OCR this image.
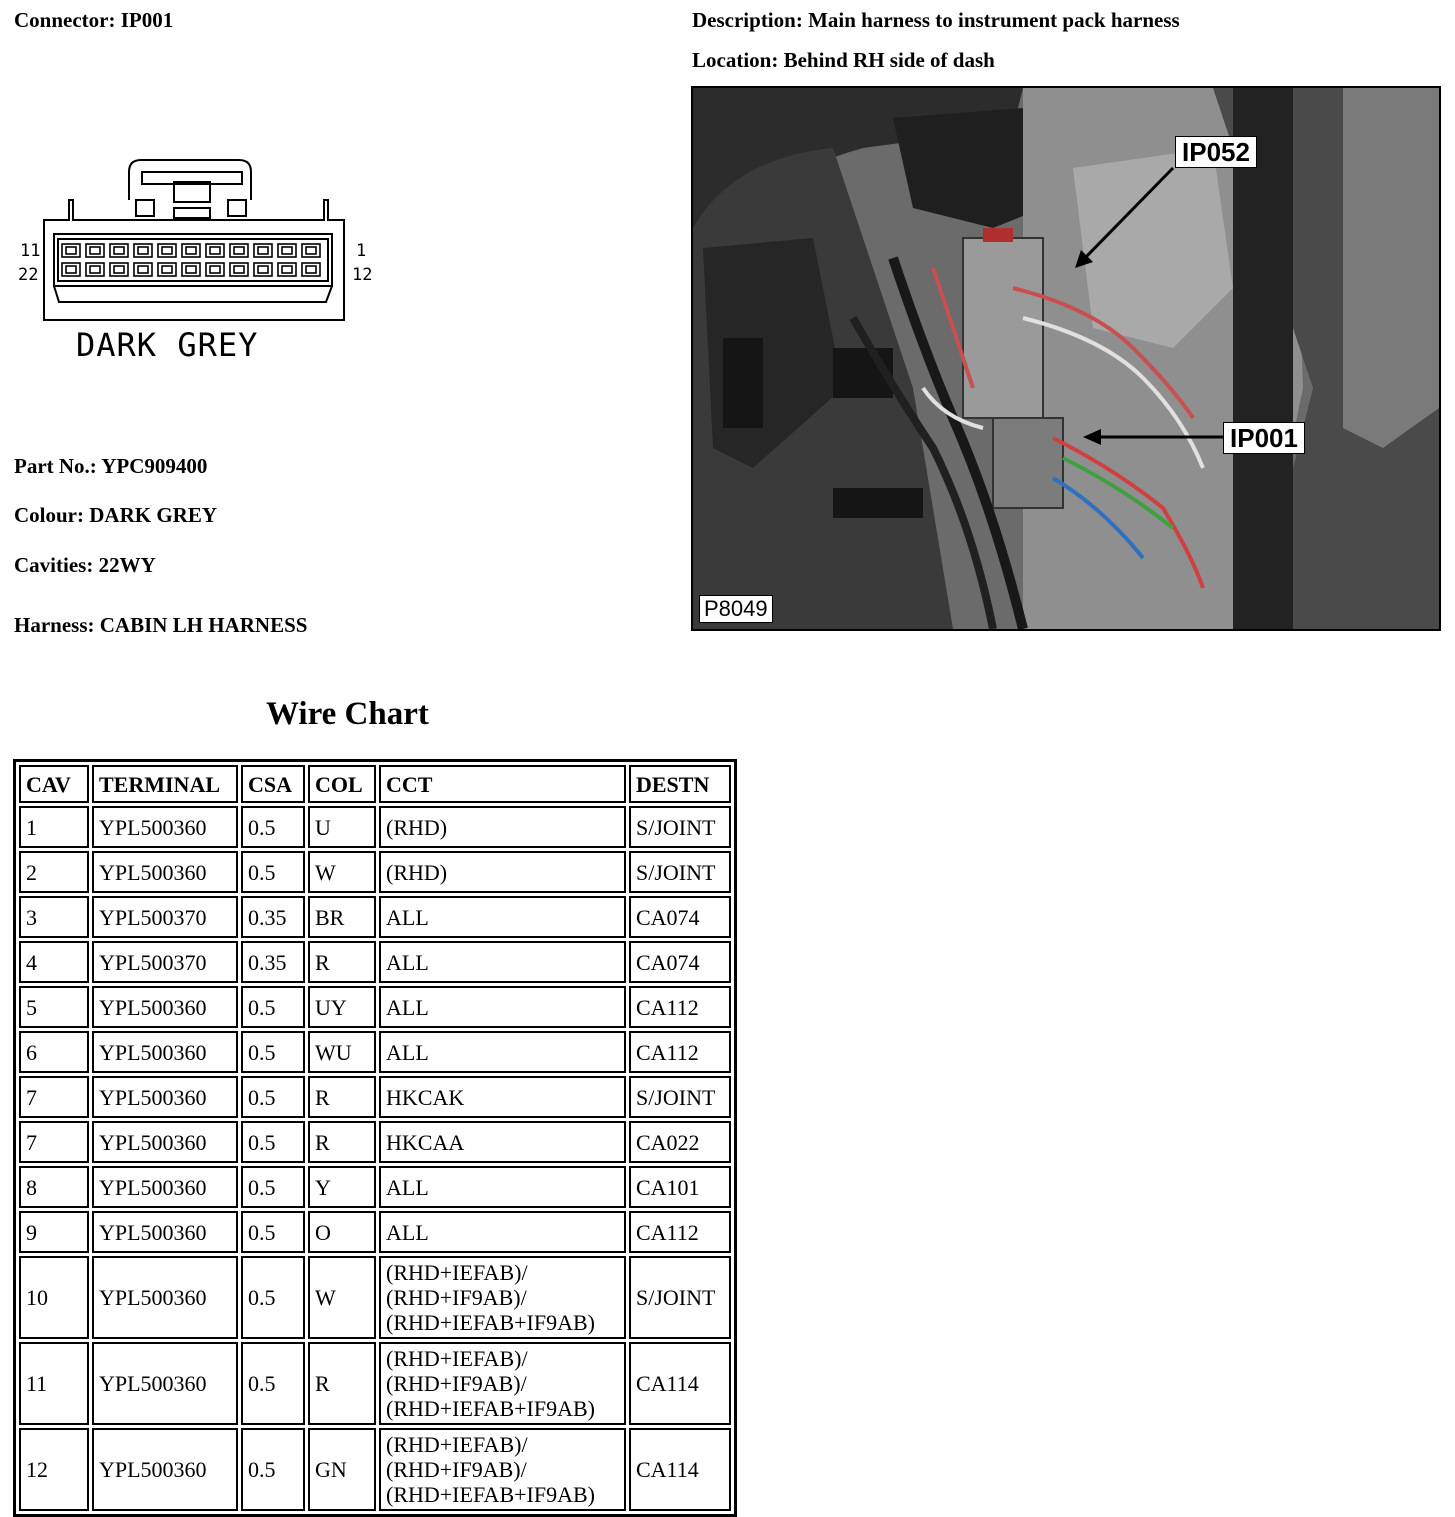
Connector: IP001	Description: Main harness to instrument pack harness
Location: Behind RH side of dash
11
22
1
12
DARK GREY
Part No.: YPC909400
Colour: DARK GREY
Cavities: 22WY
Harness: CABIN LH HARNESS
IP052
IP001
P8049
Wire Chart
CAV	TERMINAL	CSA	COL	CCT	DESTN
1	YPL500360	0.5	U	(RHD)	S/JOINT
2	YPL500360	0.5	W	(RHD)	S/JOINT
3	YPL500370	0.35	BR	ALL	CA074
4	YPL500370	0.35	R	ALL	CA074
5	YPL500360	0.5	UY	ALL	CA112
6	YPL500360	0.5	WU	ALL	CA112
7	YPL500360	0.5	R	HKCAK	S/JOINT
7	YPL500360	0.5	R	HKCAA	CA022
8	YPL500360	0.5	Y	ALL	CA101
9	YPL500360	0.5	O	ALL	CA112
10	YPL500360	0.5	W	(RHD+IEFAB)/
(RHD+IF9AB)/
(RHD+IEFAB+IF9AB)	S/JOINT
11	YPL500360	0.5	R	(RHD+IEFAB)/
(RHD+IF9AB)/
(RHD+IEFAB+IF9AB)	CA114
12	YPL500360	0.5	GN	(RHD+IEFAB)/
(RHD+IF9AB)/
(RHD+IEFAB+IF9AB)	CA114
